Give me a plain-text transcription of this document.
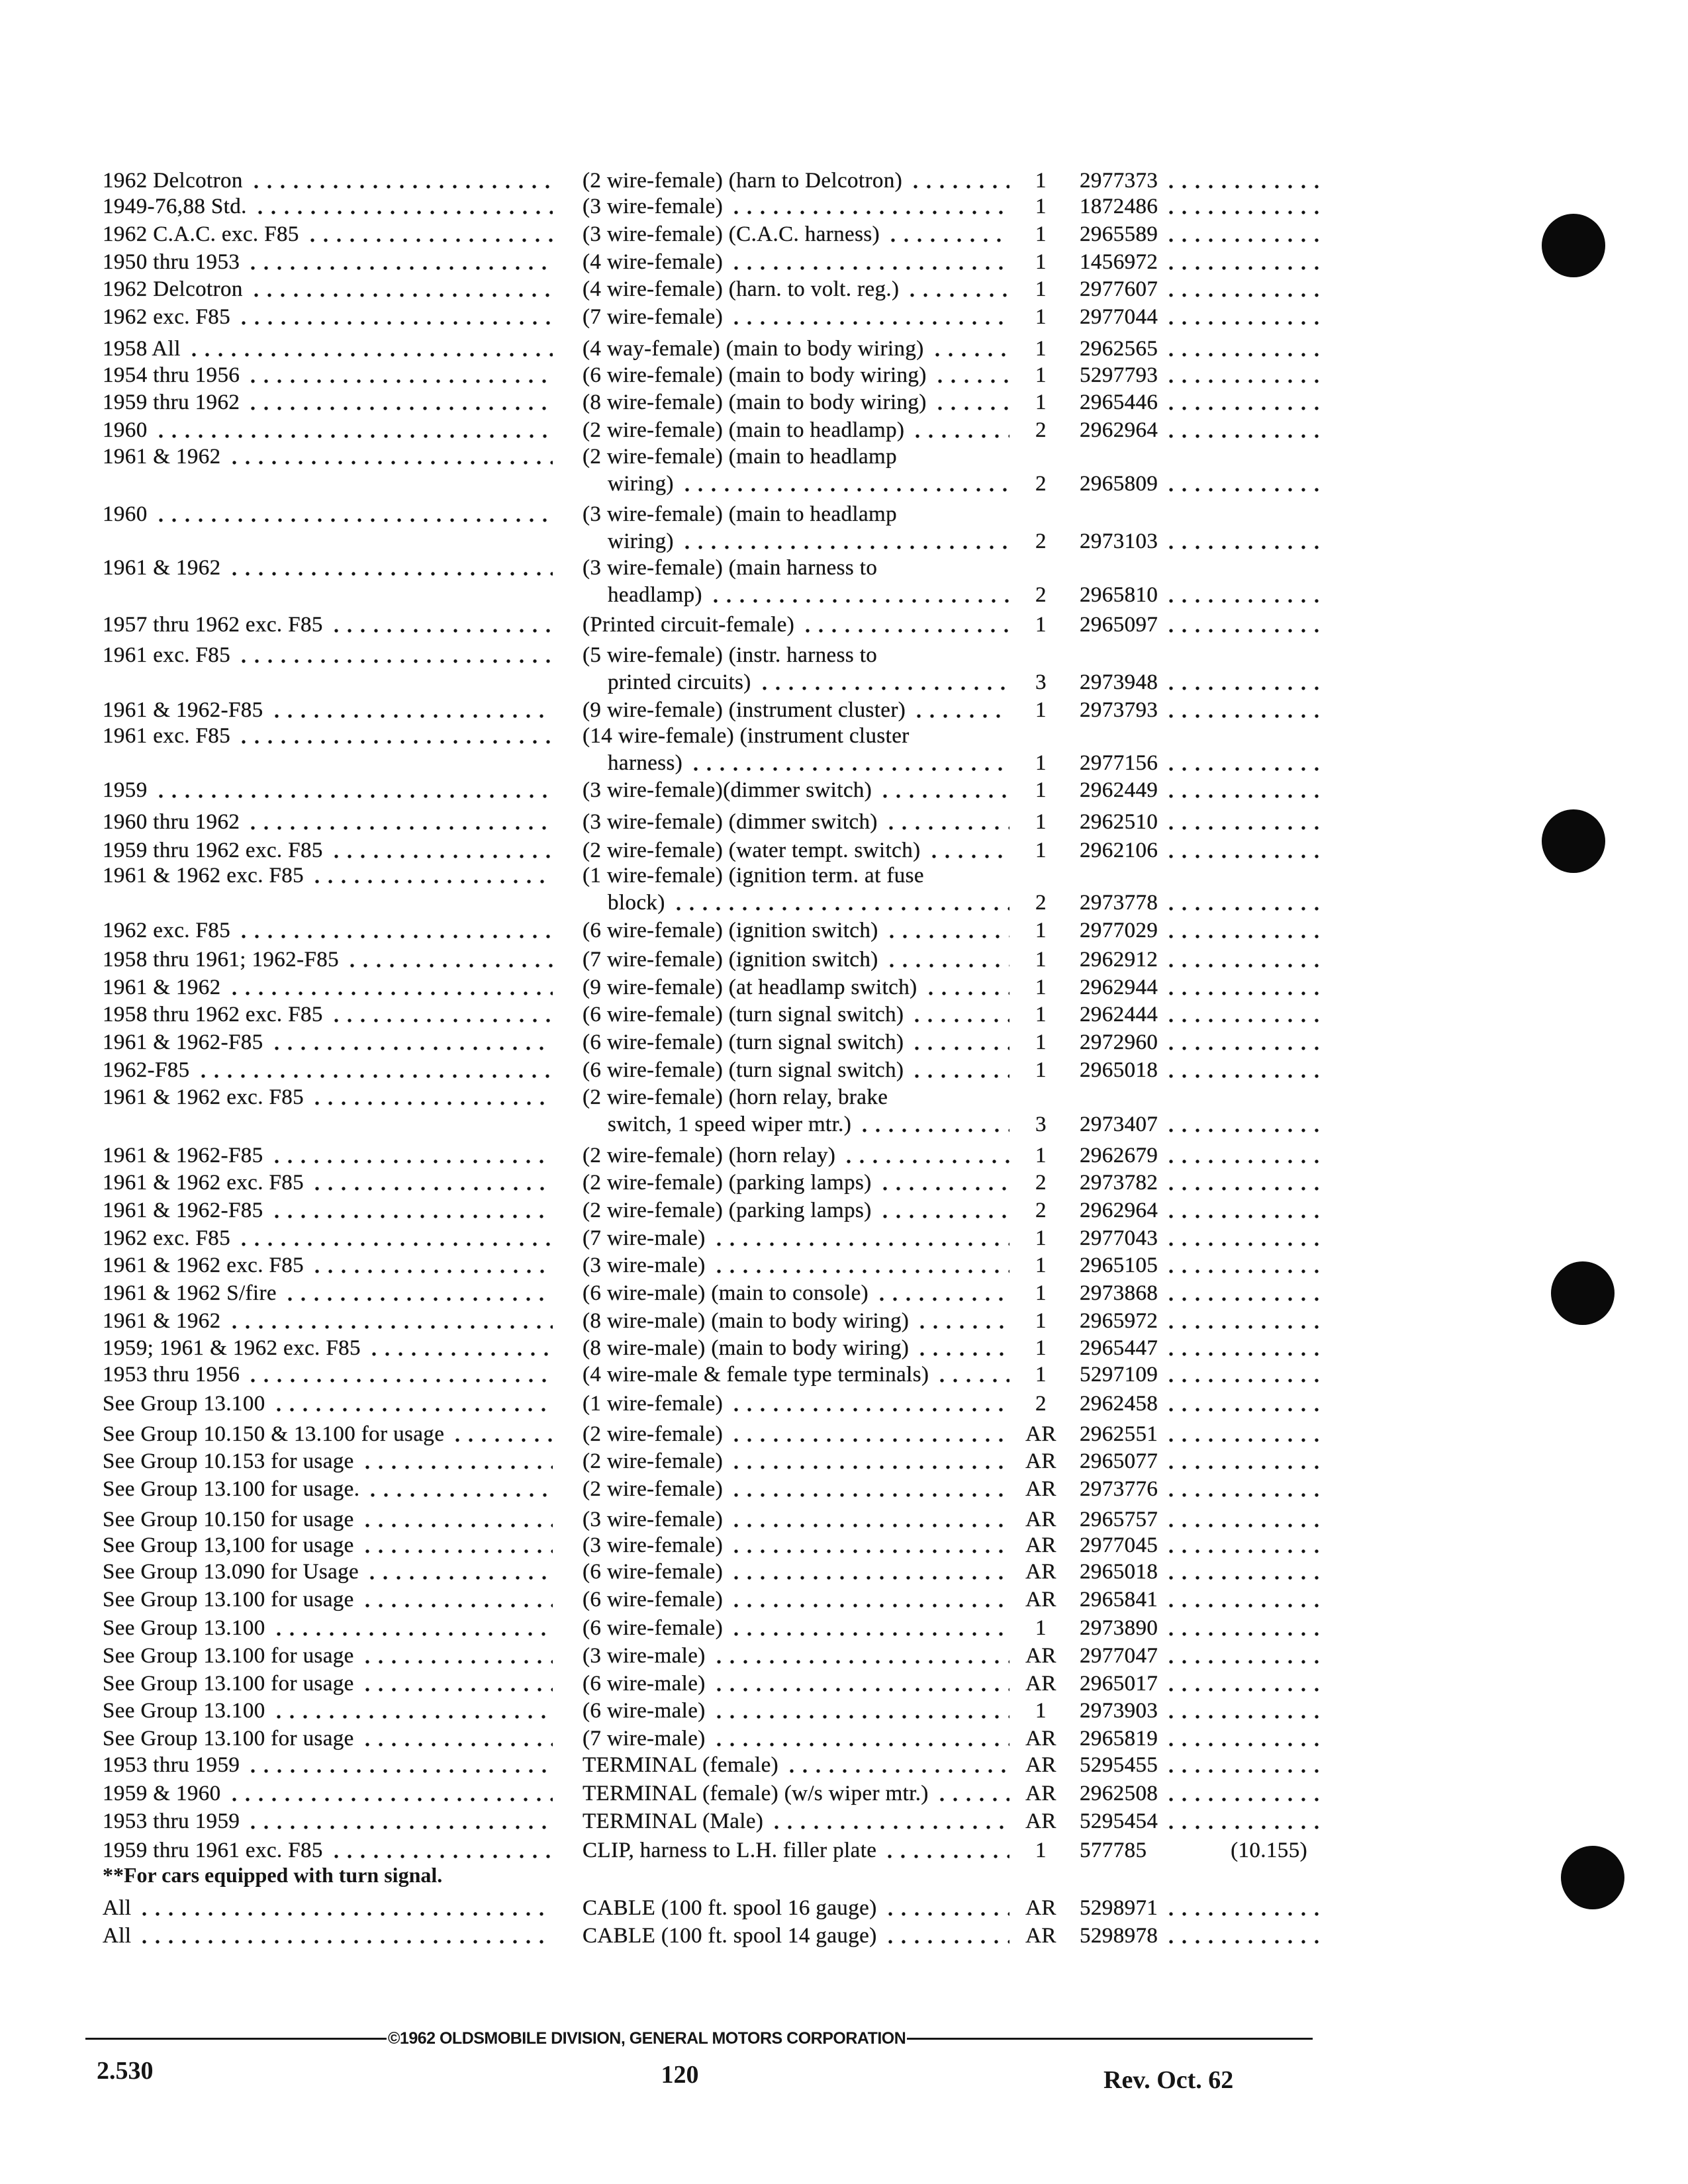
1962 Delcotron	(2 wire-female) (harn to Delcotron)	1	2977373
1949-76,88 Std.	(3 wire-female)	1	1872486
1962 C.A.C. exc. F85	(3 wire-female) (C.A.C. harness)	1	2965589
1950 thru 1953	(4 wire-female)	1	1456972
1962 Delcotron	(4 wire-female) (harn. to volt. reg.)	1	2977607
1962 exc. F85	(7 wire-female)	1	2977044
1958 All	(4 way-female) (main to body wiring)	1	2962565
1954 thru 1956	(6 wire-female) (main to body wiring)	1	5297793
1959 thru 1962	(8 wire-female) (main to body wiring)	1	2965446
1960	(2 wire-female) (main to headlamp)	2	2962964
1961 & 1962	(2 wire-female) (main to headlamp
wiring)	2	2965809
1960	(3 wire-female) (main to headlamp
wiring)	2	2973103
1961 & 1962	(3 wire-female) (main harness to
headlamp)	2	2965810
1957 thru 1962 exc. F85	(Printed circuit-female)	1	2965097
1961 exc. F85	(5 wire-female) (instr. harness to
printed circuits)	3	2973948
1961 & 1962-F85	(9 wire-female) (instrument cluster)	1	2973793
1961 exc. F85	(14 wire-female) (instrument cluster
harness)	1	2977156
1959	(3 wire-female)(dimmer switch)	1	2962449
1960 thru 1962	(3 wire-female) (dimmer switch)	1	2962510
1959 thru 1962 exc. F85	(2 wire-female) (water tempt. switch)	1	2962106
1961 & 1962 exc. F85	(1 wire-female) (ignition term. at fuse
block)	2	2973778
1962 exc. F85	(6 wire-female) (ignition switch)	1	2977029
1958 thru 1961; 1962-F85	(7 wire-female) (ignition switch)	1	2962912
1961 & 1962	(9 wire-female) (at headlamp switch)	1	2962944
1958 thru 1962 exc. F85	(6 wire-female) (turn signal switch)	1	2962444
1961 & 1962-F85	(6 wire-female) (turn signal switch)	1	2972960
1962-F85	(6 wire-female) (turn signal switch)	1	2965018
1961 & 1962 exc. F85	(2 wire-female) (horn relay, brake
switch, 1 speed wiper mtr.)	3	2973407
1961 & 1962-F85	(2 wire-female) (horn relay)	1	2962679
1961 & 1962 exc. F85	(2 wire-female) (parking lamps)	2	2973782
1961 & 1962-F85	(2 wire-female) (parking lamps)	2	2962964
1962 exc. F85	(7 wire-male)	1	2977043
1961 & 1962 exc. F85	(3 wire-male)	1	2965105
1961 & 1962 S/fire	(6 wire-male) (main to console)	1	2973868
1961 & 1962	(8 wire-male) (main to body wiring)	1	2965972
1959; 1961 & 1962 exc. F85	(8 wire-male) (main to body wiring)	1	2965447
1953 thru 1956	(4 wire-male & female type terminals)	1	5297109
See Group 13.100	(1 wire-female)	2	2962458
See Group 10.150 & 13.100 for usage	(2 wire-female)	AR	2962551
See Group 10.153 for usage	(2 wire-female)	AR	2965077
See Group 13.100 for usage.	(2 wire-female)	AR	2973776
See Group 10.150 for usage	(3 wire-female)	AR	2965757
See Group 13,100 for usage	(3 wire-female)	AR	2977045
See Group 13.090 for Usage	(6 wire-female)	AR	2965018
See Group 13.100 for usage	(6 wire-female)	AR	2965841
See Group 13.100	(6 wire-female)	1	2973890
See Group 13.100 for usage	(3 wire-male)	AR	2977047
See Group 13.100 for usage	(6 wire-male)	AR	2965017
See Group 13.100	(6 wire-male)	1	2973903
See Group 13.100 for usage	(7 wire-male)	AR	2965819
1953 thru 1959	TERMINAL (female)	AR	5295455
1959 & 1960	TERMINAL (female) (w/s wiper mtr.)	AR	2962508
1953 thru 1959	TERMINAL (Male)	AR	5295454
1959 thru 1961 exc. F85	CLIP, harness to L.H. filler plate	1	577785	(10.155)
All	CABLE (100 ft. spool 16 gauge)	AR	5298971
All	CABLE (100 ft. spool 14 gauge)	AR	5298978
**For cars equipped with turn signal.
©1962 OLDSMOBILE DIVISION, GENERAL MOTORS CORPORATION
2.530	120	Rev. Oct. 62
